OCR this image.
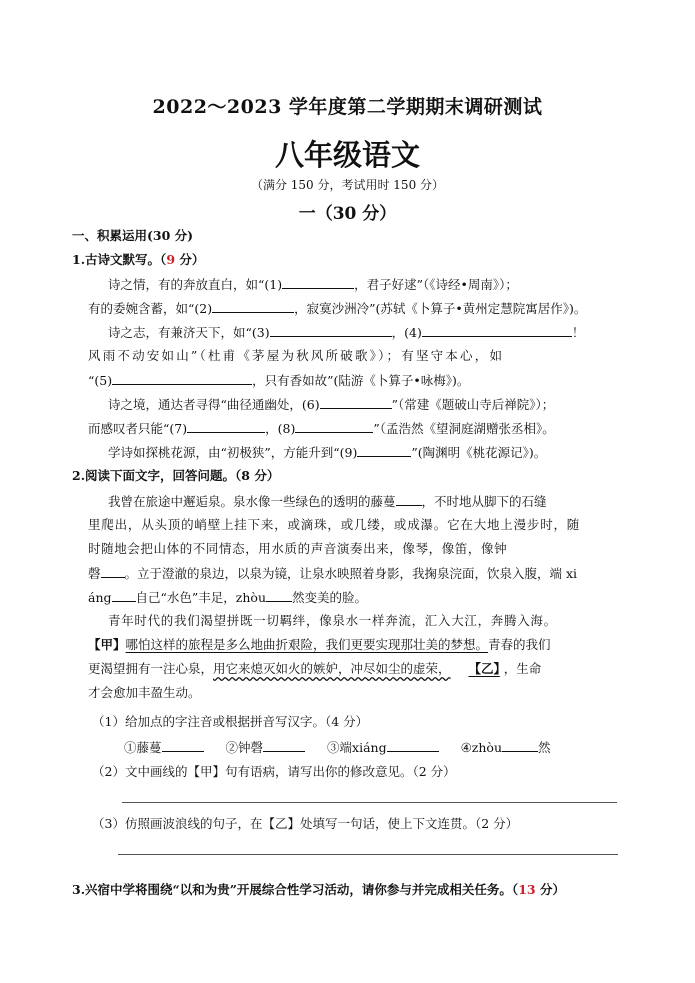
2022～2023 学年度第二学期期末调研测试
八年级语文
（满分 150 分，考试用时 150 分）
一（30 分）
一、积累运用(30 分)
1.古诗文默写。（9 分）
诗之情，有的奔放直白，如“(1)	，君子好逑”（《诗经•周南》）；
有的委婉含蓄，如“(2)	，寂寞沙洲冷”(苏轼《卜算子•黄州定慧院寓居作》)。
诗之志，有兼济天下，如“(3)	，(4)	！
风雨不动安如山”（杜甫《茅屋为秋风所破歌》）；有坚守本心，如
“(5)	，只有香如故”(陆游《卜算子•咏梅》)。
诗之境，通达者寻得“曲径通幽处，(6)	”（常建《题破山寺后禅院》）；
而感叹者只能“(7)	，(8)	”（孟浩然《望洞庭湖赠张丞相》。
学诗如探桃花源，由“初极狭”，方能升到“(9)	”(陶渊明《桃花源记》)。
2.阅读下面文字，回答问题。（8 分）
我曾在旅途中邂逅泉。泉水像一些绿色的透明的藤蔓 ，不时地从脚下的石缝
里爬出，从头顶的峭壁上挂下来，或滴珠，或几缕，或成瀑。它在大地上漫步时，随
时随地会把山体的不同情态，用水质的声音演奏出来，像琴，像笛，像钟
磬 。立于澄澈的泉边，以泉为镜，让泉水映照着身影，我掬泉浣面，饮泉入腹，端 xi
áng 自己“水色”丰足，zhòu 然变美的脸。
青年时代的我们渴望拼既一切羁绊，像泉水一样奔流，汇入大江，奔腾入海。
【甲】哪怕这样的旅程是多么地曲折艰险，我们更要实现那壮美的梦想。青春的我们
更渴望拥有一注心泉，用它来熄灭如火的嫉妒，冲尽如尘的虚荣， 【乙】 ，生命
才会愈加丰盈生动。
（1）给加点的字注音或根据拼音写汉字。（4 分）
①藤蔓	②钟磬	③端xiáng	④zhòu	然
（2）文中画线的【甲】句有语病，请写出你的修改意见。（2 分）
（3）仿照画波浪线的句子，在【乙】处填写一句话，使上下文连贯。（2 分）
3.兴宿中学将围绕“以和为贵”开展综合性学习活动，请你参与并完成相关任务。（13 分）
